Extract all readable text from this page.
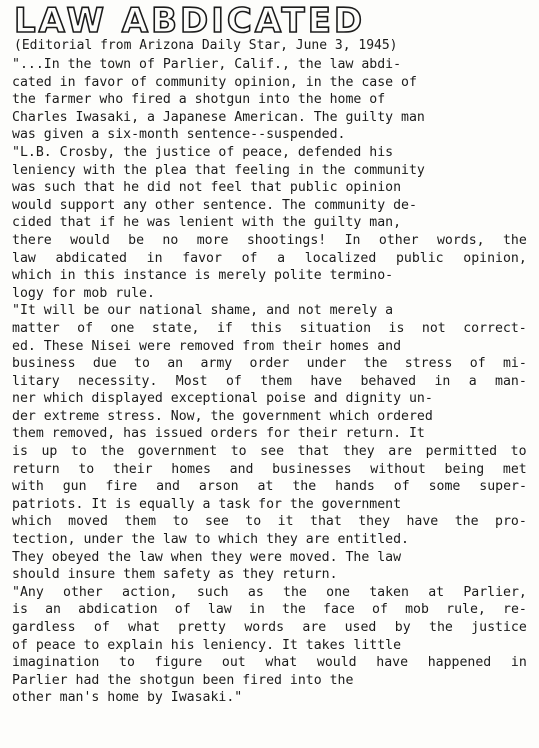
LAW ABDICATED

(Editorial from Arizona Daily Star, June 3, 1945)

"...In the town of Parlier, Calif., the law abdi-
cated in favor of community opinion, in the case of
the farmer who fired a shotgun into the home of
Charles Iwasaki, a Japanese American. The guilty man
was given a six-month sentence--suspended.
"L.B. Crosby, the justice of peace, defended his
leniency with the plea that feeling in the community
was such that he did not feel that public opinion
would support any other sentence. The community de-
cided that if he was lenient with the guilty man,
there would be no more shootings! In other words, the
law abdicated in favor of a localized public opinion,
which in this instance is merely polite termino-
logy for mob rule.
"It will be our national shame, and not merely a
matter of one state, if this situation is not correct-
ed. These Nisei were removed from their homes and
business due to an army order under the stress of mi-
litary necessity. Most of them have behaved in a man-
ner which displayed exceptional poise and dignity un-
der extreme stress. Now, the government which ordered
them removed, has issued orders for their return. It
is up to the government to see that they are permitted to
return to their homes and businesses without being met
with gun fire and arson at the hands of some super-
patriots. It is equally a task for the government
which moved them to see to it that they have the pro-
tection, under the law to which they are entitled.
They obeyed the law when they were moved. The law
should insure them safety as they return.
"Any other action, such as the one taken at Parlier,
is an abdication of law in the face of mob rule, re-
gardless of what pretty words are used by the justice
of peace to explain his leniency. It takes little
imagination to figure out what would have happened in
Parlier had the shotgun been fired into the
other man's home by Iwasaki."
